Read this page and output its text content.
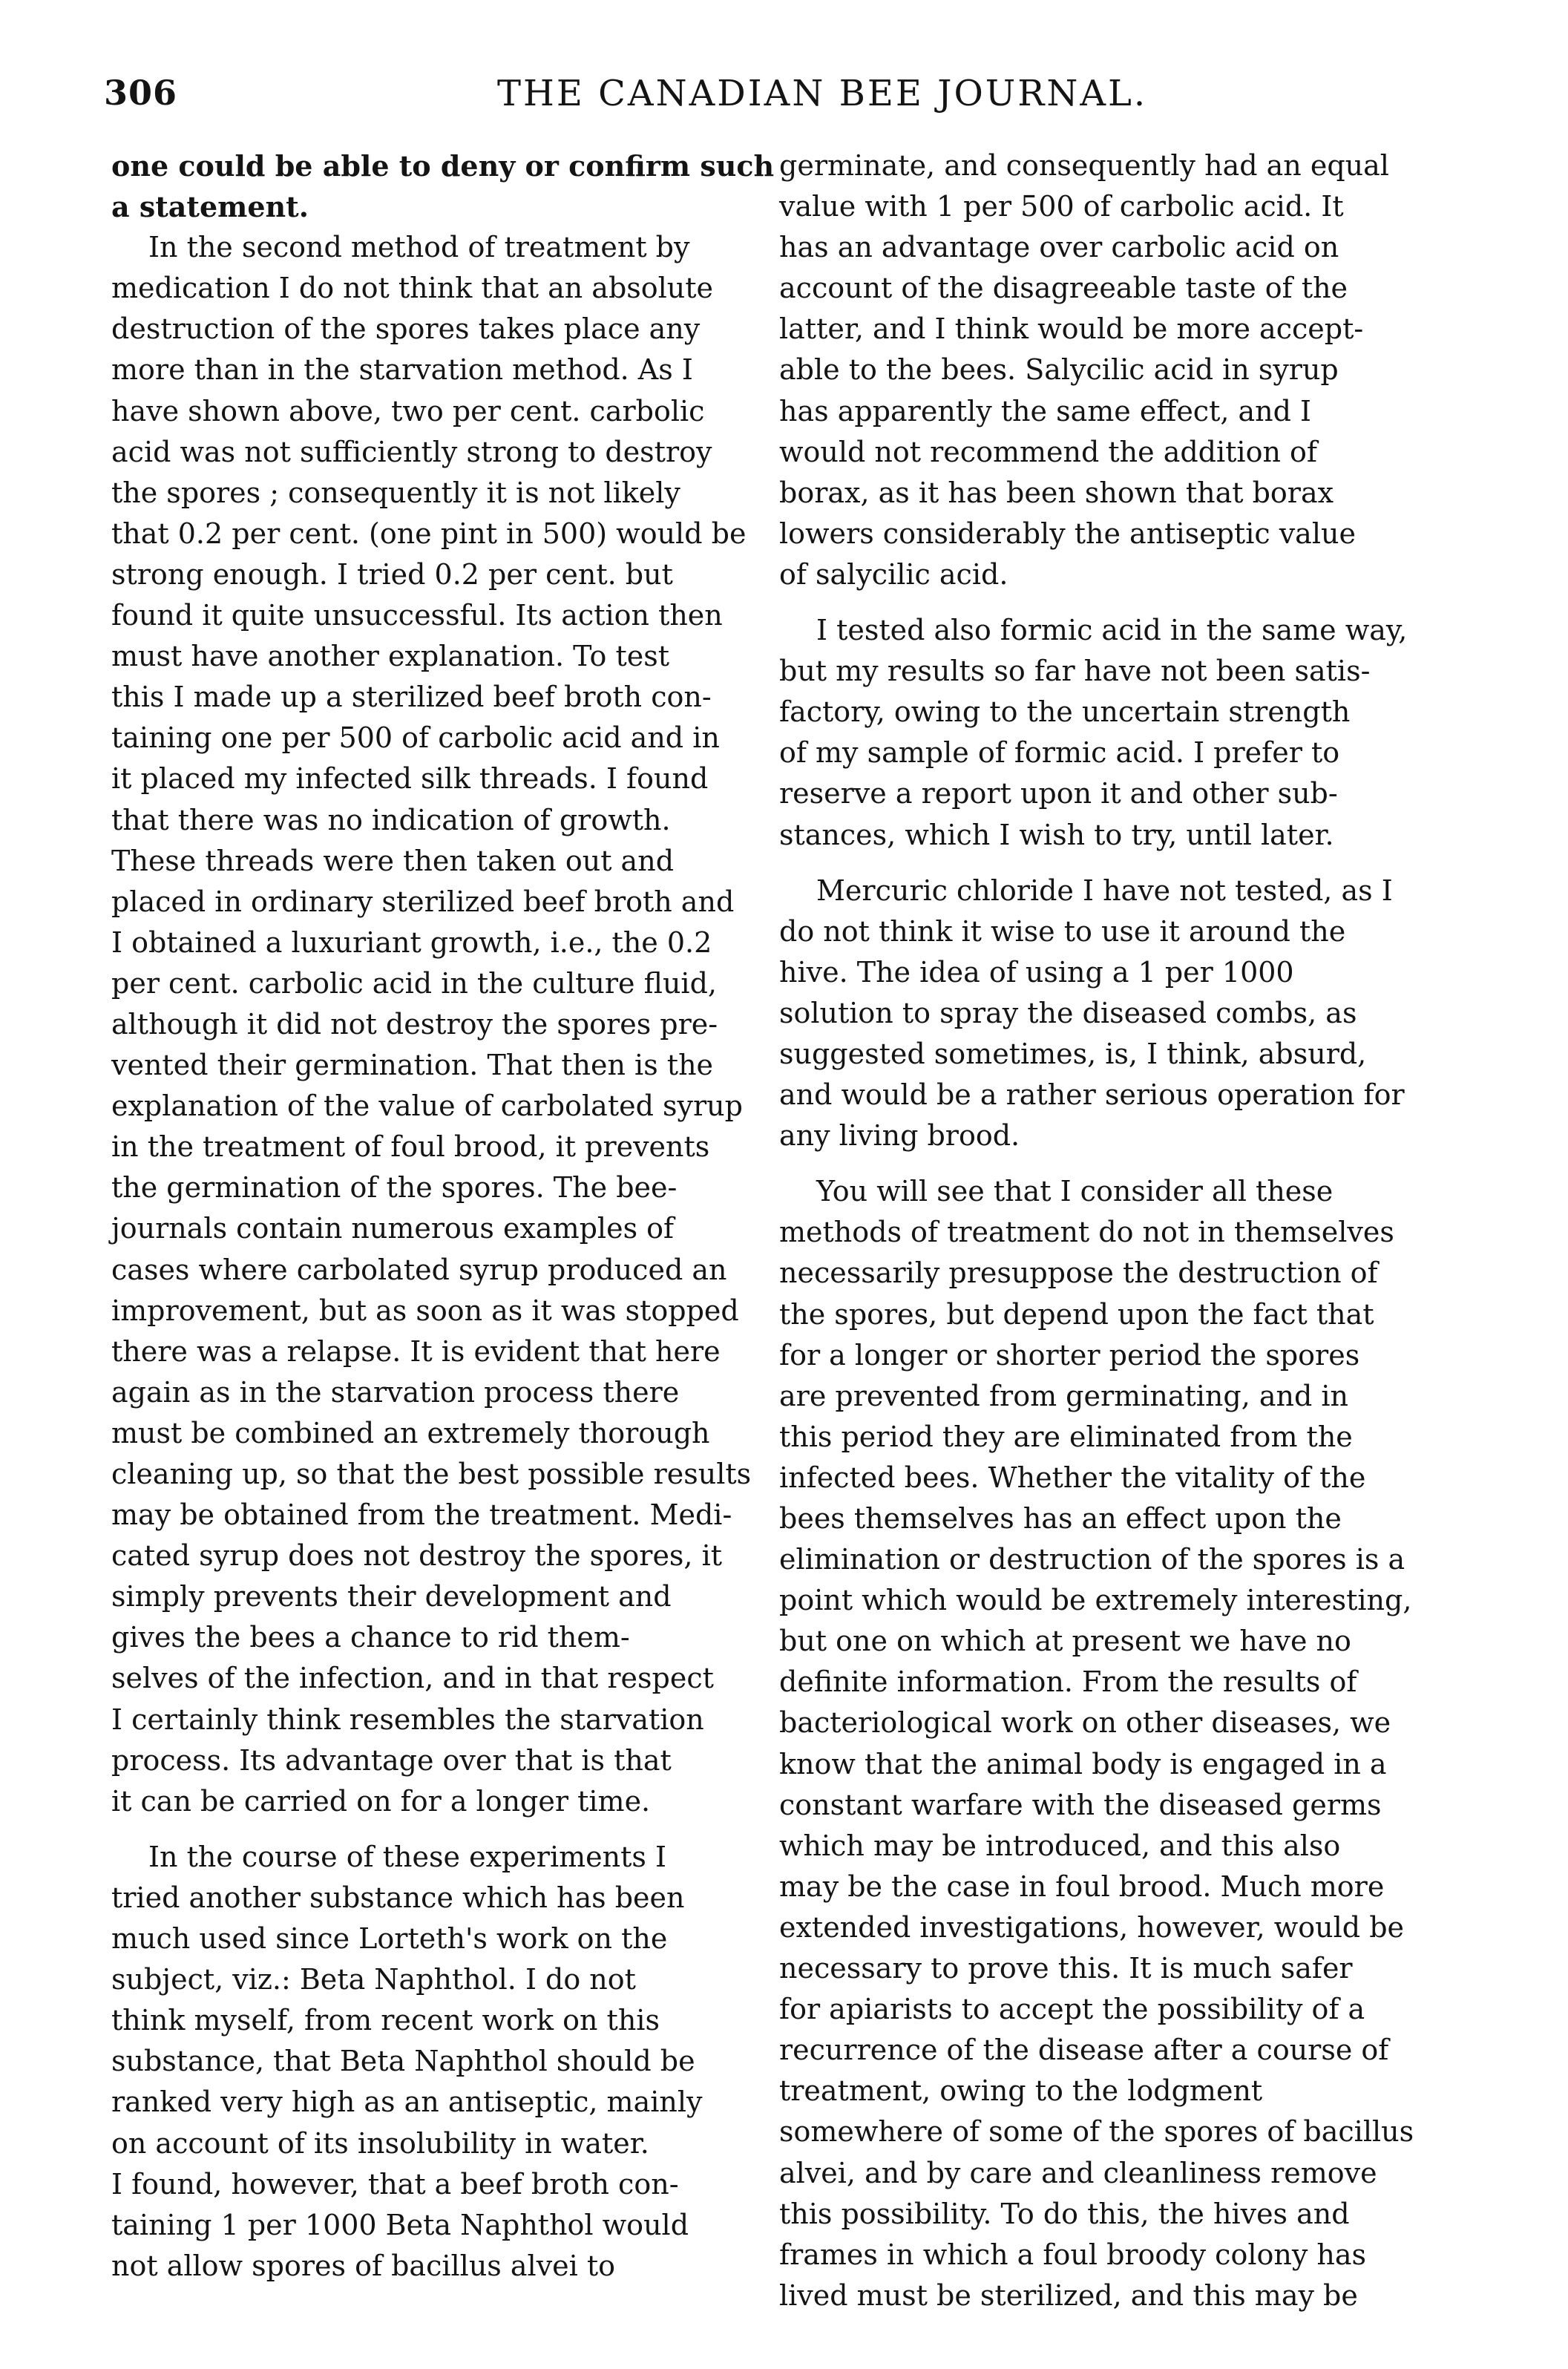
306	THE CANADIAN BEE JOURNAL.
one could be able to deny or confirm such
a statement.
In the second method of treatment by
medication I do not think that an absolute
destruction of the spores takes place any
more than in the starvation method. As I
have shown above, two per cent. carbolic
acid was not sufficiently strong to destroy
the spores ; consequently it is not likely
that 0.2 per cent. (one pint in 500) would be
strong enough. I tried 0.2 per cent. but
found it quite unsuccessful. Its action then
must have another explanation. To test
this I made up a sterilized beef broth con-
taining one per 500 of carbolic acid and in
it placed my infected silk threads. I found
that there was no indication of growth.
These threads were then taken out and
placed in ordinary sterilized beef broth and
I obtained a luxuriant growth, i.e., the 0.2
per cent. carbolic acid in the culture fluid,
although it did not destroy the spores pre-
vented their germination. That then is the
explanation of the value of carbolated syrup
in the treatment of foul brood, it prevents
the germination of the spores. The bee-
journals contain numerous examples of
cases where carbolated syrup produced an
improvement, but as soon as it was stopped
there was a relapse. It is evident that here
again as in the starvation process there
must be combined an extremely thorough
cleaning up, so that the best possible results
may be obtained from the treatment. Medi-
cated syrup does not destroy the spores, it
simply prevents their development and
gives the bees a chance to rid them-
selves of the infection, and in that respect
I certainly think resembles the starvation
process. Its advantage over that is that
it can be carried on for a longer time.
In the course of these experiments I
tried another substance which has been
much used since Lorteth's work on the
subject, viz.: Beta Naphthol. I do not
think myself, from recent work on this
substance, that Beta Naphthol should be
ranked very high as an antiseptic, mainly
on account of its insolubility in water.
I found, however, that a beef broth con-
taining 1 per 1000 Beta Naphthol would
not allow spores of bacillus alvei to
germinate, and consequently had an equal
value with 1 per 500 of carbolic acid. It
has an advantage over carbolic acid on
account of the disagreeable taste of the
latter, and I think would be more accept-
able to the bees. Salycilic acid in syrup
has apparently the same effect, and I
would not recommend the addition of
borax, as it has been shown that borax
lowers considerably the antiseptic value
of salycilic acid.
I tested also formic acid in the same way,
but my results so far have not been satis-
factory, owing to the uncertain strength
of my sample of formic acid. I prefer to
reserve a report upon it and other sub-
stances, which I wish to try, until later.
Mercuric chloride I have not tested, as I
do not think it wise to use it around the
hive. The idea of using a 1 per 1000
solution to spray the diseased combs, as
suggested sometimes, is, I think, absurd,
and would be a rather serious operation for
any living brood.
You will see that I consider all these
methods of treatment do not in themselves
necessarily presuppose the destruction of
the spores, but depend upon the fact that
for a longer or shorter period the spores
are prevented from germinating, and in
this period they are eliminated from the
infected bees. Whether the vitality of the
bees themselves has an effect upon the
elimination or destruction of the spores is a
point which would be extremely interesting,
but one on which at present we have no
definite information. From the results of
bacteriological work on other diseases, we
know that the animal body is engaged in a
constant warfare with the diseased germs
which may be introduced, and this also
may be the case in foul brood. Much more
extended investigations, however, would be
necessary to prove this. It is much safer
for apiarists to accept the possibility of a
recurrence of the disease after a course of
treatment, owing to the lodgment
somewhere of some of the spores of bacillus
alvei, and by care and cleanliness remove
this possibility. To do this, the hives and
frames in which a foul broody colony has
lived must be sterilized, and this may be
